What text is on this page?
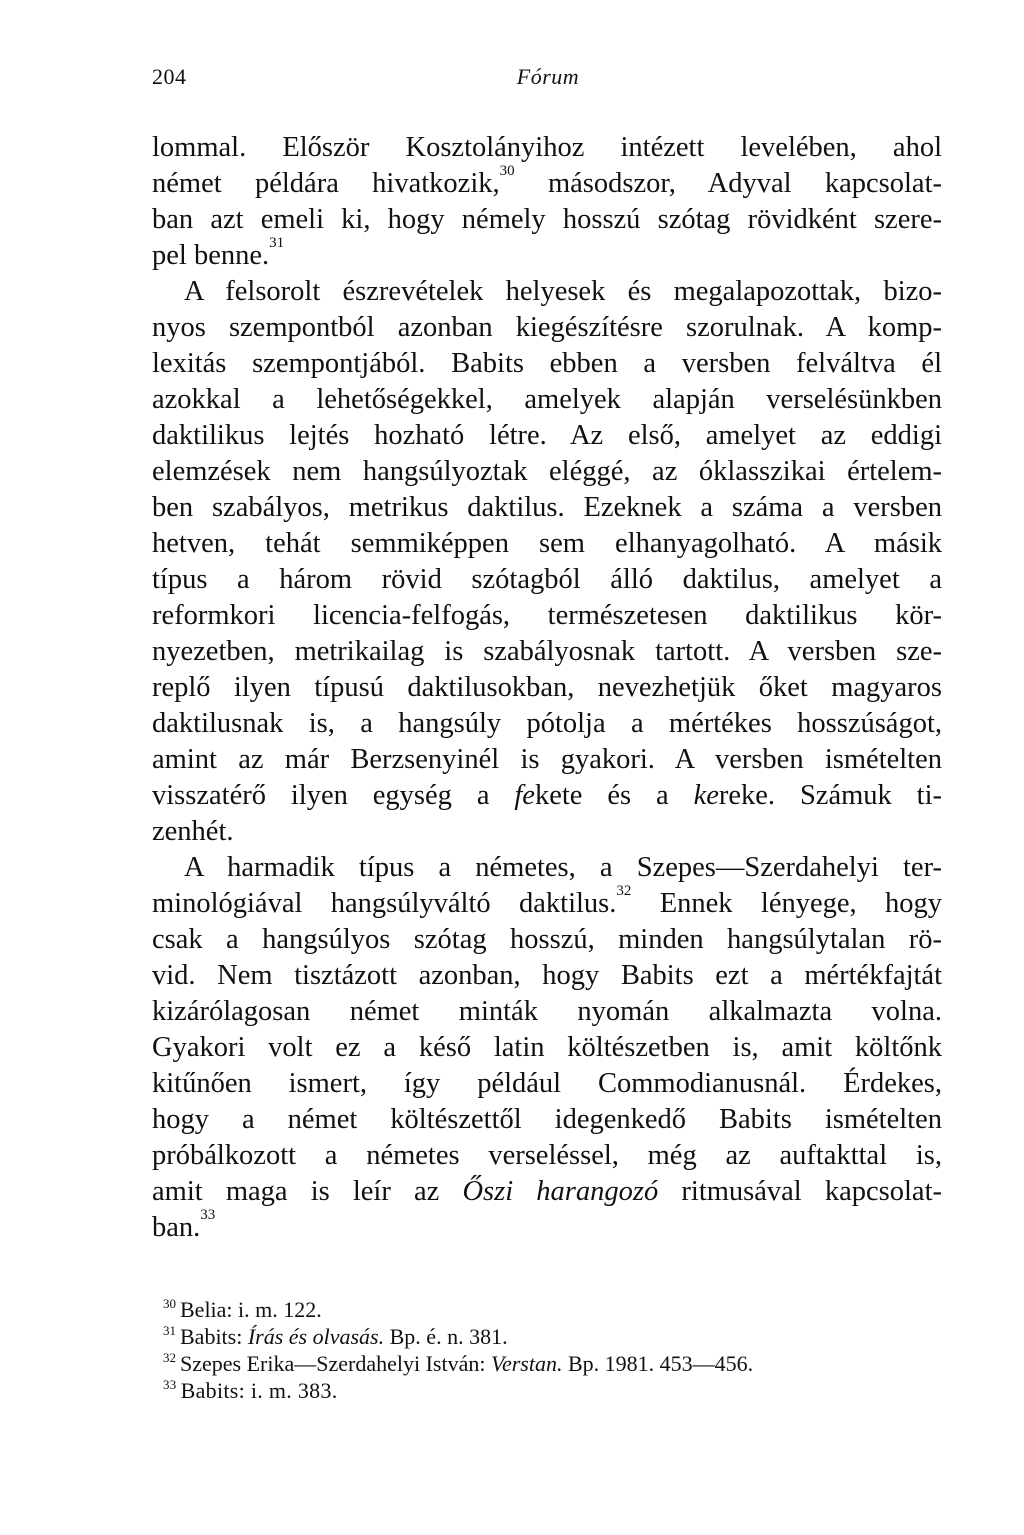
204	Fórum
lommal. Először Kosztolányihoz intézett levelében, ahol
német példára hivatkozik,$^{30}$ másodszor, Adyval kapcsolat-
ban azt emeli ki, hogy némely hosszú szótag rövidként szere-
pel benne.$^{31}$
A felsorolt észrevételek helyesek és megalapozottak, bizo-
nyos szempontból azonban kiegészítésre szorulnak. A komp-
lexitás szempontjából. Babits ebben a versben felváltva él
azokkal a lehetőségekkel, amelyek alapján verselésünkben
daktilikus lejtés hozható létre. Az első, amelyet az eddigi
elemzések nem hangsúlyoztak eléggé, az óklasszikai értelem-
ben szabályos, metrikus daktilus. Ezeknek a száma a versben
hetven, tehát semmiképpen sem elhanyagolható. A másik
típus a három rövid szótagból álló daktilus, amelyet a
reformkori licencia-felfogás, természetesen daktilikus kör-
nyezetben, metrikailag is szabályosnak tartott. A versben sze-
replő ilyen típusú daktilusokban, nevezhetjük őket magyaros
daktilusnak is, a hangsúly pótolja a mértékes hosszúságot,
amint az már Berzsenyinél is gyakori. A versben ismételten
visszatérő ilyen egység a fekete és a kereke. Számuk ti-
zenhét.
A harmadik típus a németes, a Szepes—Szerdahelyi ter-
minológiával hangsúlyváltó daktilus.$^{32}$ Ennek lényege, hogy
csak a hangsúlyos szótag hosszú, minden hangsúlytalan rö-
vid. Nem tisztázott azonban, hogy Babits ezt a mértékfajtát
kizárólagosan német minták nyomán alkalmazta volna.
Gyakori volt ez a késő latin költészetben is, amit költőnk
kitűnően ismert, így például Commodianusnál. Érdekes,
hogy a német költészettől idegenkedő Babits ismételten
próbálkozott a németes verseléssel, még az auftakttal is,
amit maga is leír az Őszi harangozó ritmusával kapcsolat-
ban.$^{33}$
$^{30}$ Belia: i. m. 122.
$^{31}$ Babits: Írás és olvasás. Bp. é. n. 381.
$^{32}$ Szepes Erika—Szerdahelyi István: Verstan. Bp. 1981. 453—456.
$^{33}$ Babits: i. m. 383.
